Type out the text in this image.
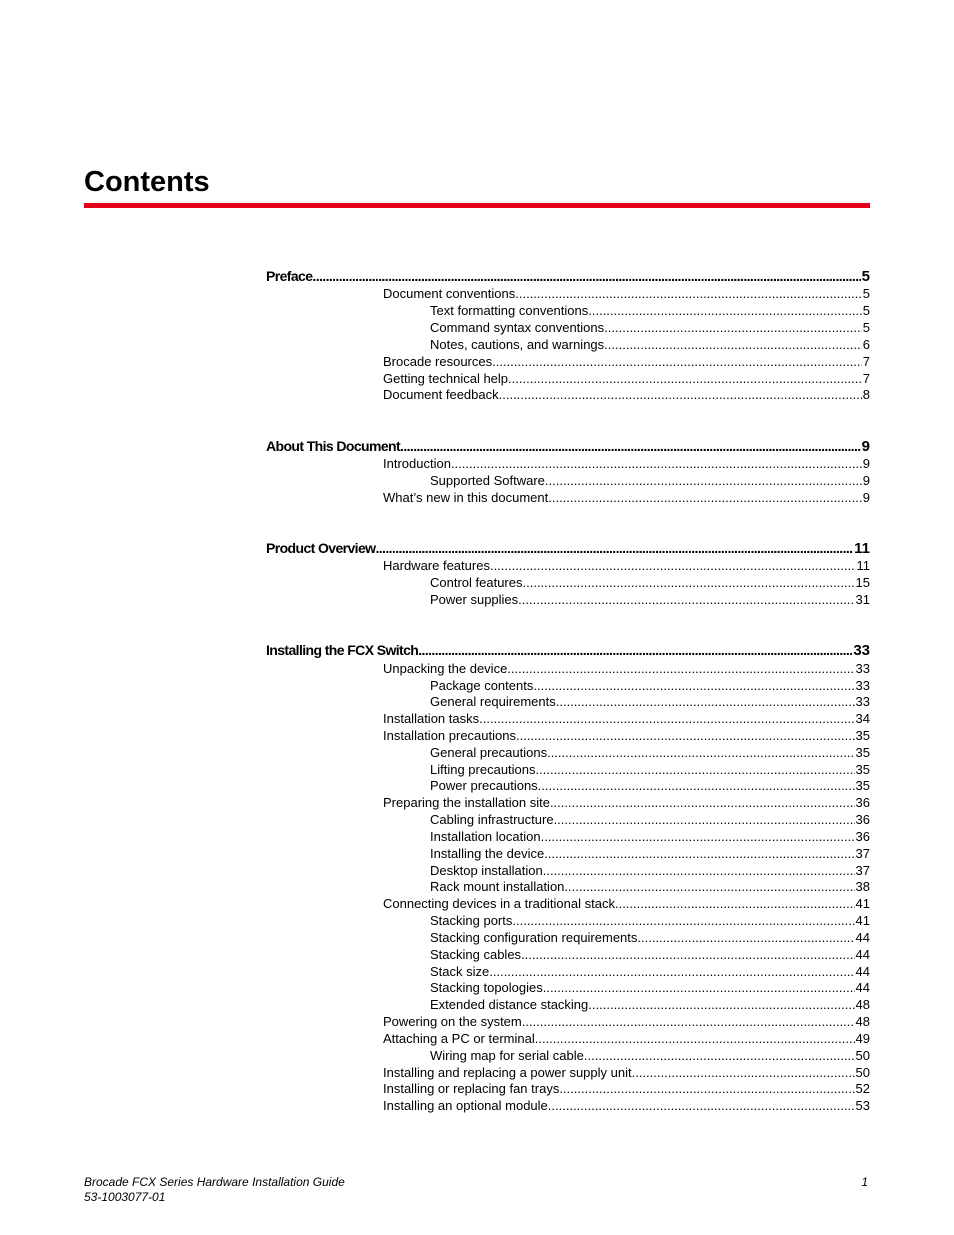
Contents
Preface .....	5
Document conventions .....	5
Text formatting conventions .....	5
Command syntax conventions .....	5
Notes, cautions, and warnings .....	6
Brocade resources .....	7
Getting technical help .....	7
Document feedback .....	8
About This Document .....	9
Introduction .....	9
Supported Software .....	9
What’s new in this document .....	9
Product Overview .....	11
Hardware features .....	11
Control features .....	15
Power supplies .....	31
Installing the FCX Switch .....	33
Unpacking the device .....	33
Package contents .....	33
General requirements .....	33
Installation tasks .....	34
Installation precautions .....	35
General precautions .....	35
Lifting precautions .....	35
Power precautions .....	35
Preparing the installation site .....	36
Cabling infrastructure .....	36
Installation location .....	36
Installing the device .....	37
Desktop installation .....	37
Rack mount installation .....	38
Connecting devices in a traditional stack .....	41
Stacking ports .....	41
Stacking configuration requirements .....	44
Stacking cables .....	44
Stack size .....	44
Stacking topologies .....	44
Extended distance stacking .....	48
Powering on the system .....	48
Attaching a PC or terminal .....	49
Wiring map for serial cable .....	50
Installing and replacing a power supply unit .....	50
Installing or replacing fan trays .....	52
Installing an optional module .....	53
Brocade FCX Series Hardware Installation Guide
53-1003077-01
1
